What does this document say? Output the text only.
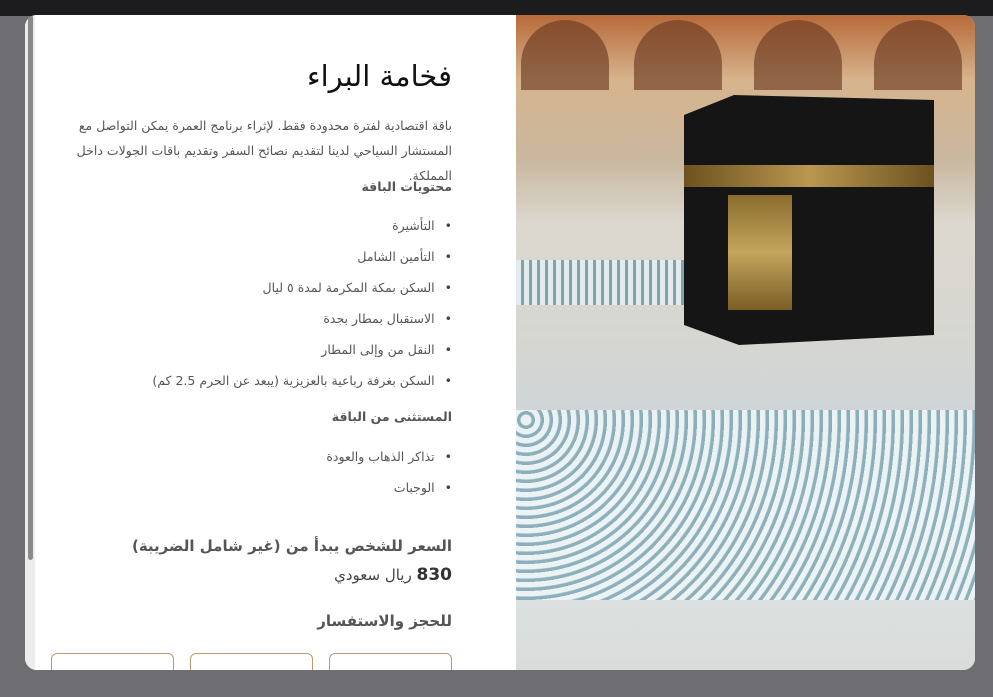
فخامة البراء

باقة اقتصادية لفترة محدودة فقط. لإثراء برنامج العمرة يمكن التواصل مع المستشار السياحي لدينا لتقديم نصائح السفر وتقديم باقات الجولات داخل المملكة.

محتويات الباقة
• التأشيرة
• التأمين الشامل
• السكن بمكة المكرمة لمدة ٥ ليال
• الاستقبال بمطار بجدة
• النقل من وإلى المطار
• السكن بغرفة رباعية بالعزيزية (يبعد عن الحرم 2.5 كم)
المستثنى من الباقة
• تذاكر الذهاب والعودة
• الوجبات
السعر للشخص يبدأ من (غير شامل الضريبة)
830 ريال سعودي
للحجز والاستفسار
